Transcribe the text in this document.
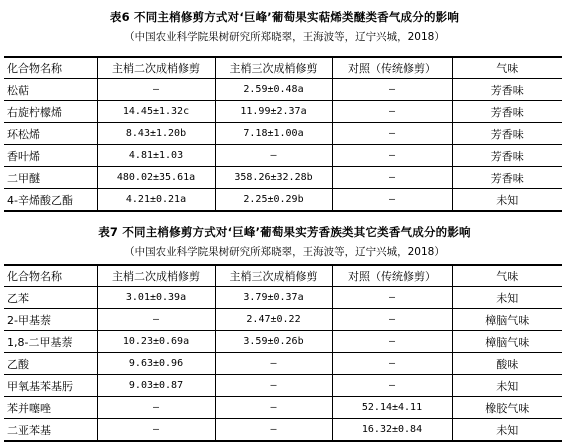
表6 不同主梢修剪方式对‘巨峰’葡萄果实萜烯类醚类香气成分的影响
（中国农业科学院果树研究所郑晓翠，王海波等，辽宁兴城，2018）
化合物名称	主梢二次成梢修剪	主梢三次成梢修剪	对照（传统修剪）	气味
松萜	—	2.59±0.48a	—	芳香味
右旋柠檬烯	14.45±1.32c	11.99±2.37a	—	芳香味
环松烯	8.43±1.20b	7.18±1.00a	—	芳香味
香叶烯	4.81±1.03	—	—	芳香味
二甲醚	480.02±35.61a	358.26±32.28b	—	芳香味
4-辛烯酸乙酯	4.21±0.21a	2.25±0.29b	—	未知
表7 不同主梢修剪方式对‘巨峰’葡萄果实芳香族类其它类香气成分的影响
（中国农业科学院果树研究所郑晓翠，王海波等，辽宁兴城，2018）
化合物名称	主梢二次成梢修剪	主梢三次成梢修剪	对照（传统修剪）	气味
乙苯	3.01±0.39a	3.79±0.37a	—	未知
2-甲基萘	—	2.47±0.22	—	樟脑气味
1,8-二甲基萘	10.23±0.69a	3.59±0.26b	—	樟脑气味
乙酸	9.63±0.96	—	—	酸味
甲氧基苯基肟	9.03±0.87	—	—	未知
苯并噻唑	—	—	52.14±4.11	橡胶气味
二亚苯基	—	—	16.32±0.84	未知
